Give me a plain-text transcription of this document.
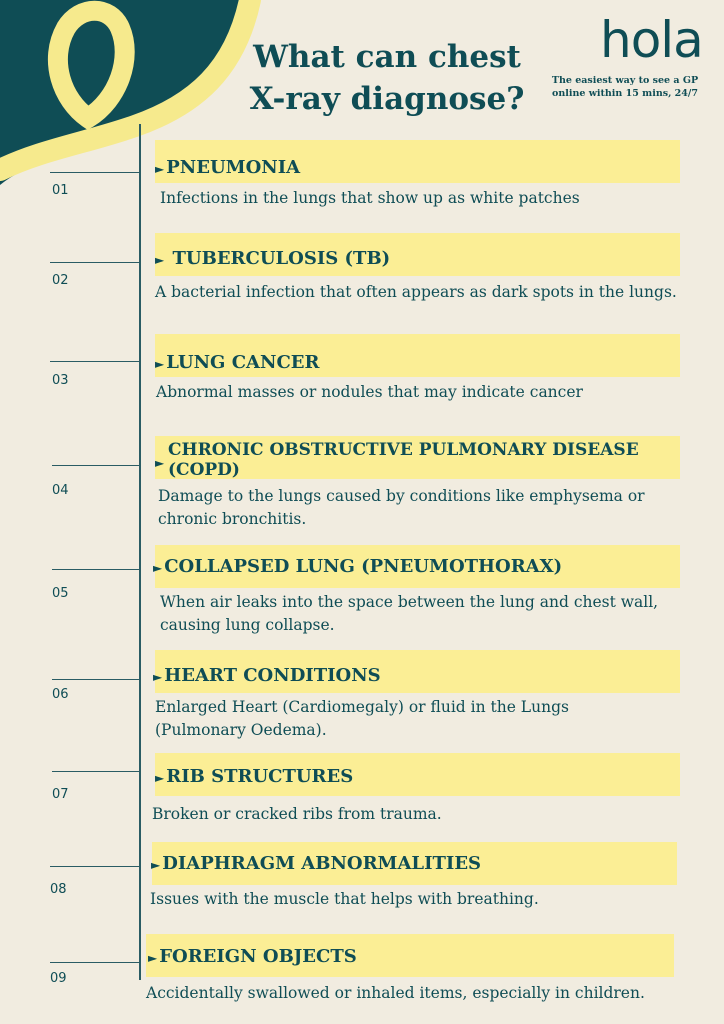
What can chest
X-ray diagnose?
hola
The easiest way to see a GP
online within 15 mins, 24/7
01
► PNEUMONIA
Infections in the lungs that show up as white patches
02
► TUBERCULOSIS (TB)
A bacterial infection that often appears as dark spots in the lungs.
03
► LUNG CANCER
Abnormal masses or nodules that may indicate cancer
04
►
CHRONIC OBSTRUCTIVE PULMONARY DISEASE (COPD)
Damage to the lungs caused by conditions like emphysema or chronic bronchitis.
05
► COLLAPSED LUNG (PNEUMOTHORAX)
When air leaks into the space between the lung and chest wall, causing lung collapse.
06
► HEART CONDITIONS
Enlarged Heart (Cardiomegaly) or fluid in the Lungs (Pulmonary Oedema).
07
► RIB STRUCTURES
Broken or cracked ribs from trauma.
08
► DIAPHRAGM ABNORMALITIES
Issues with the muscle that helps with breathing.
09
► FOREIGN OBJECTS
Accidentally swallowed or inhaled items, especially in children.
